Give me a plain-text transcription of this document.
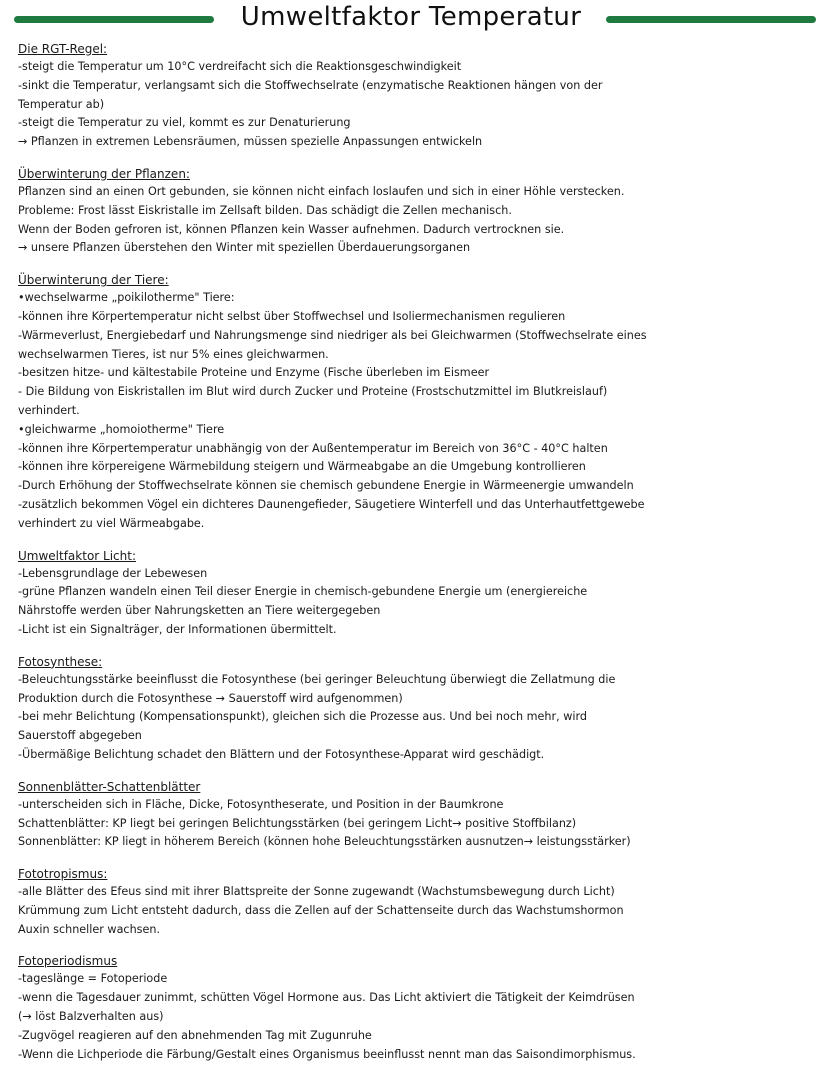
Umweltfaktor Temperatur
Die RGT-Regel:
-steigt die Temperatur um 10°C verdreifacht sich die Reaktionsgeschwindigkeit
-sinkt die Temperatur, verlangsamt sich die Stoffwechselrate (enzymatische Reaktionen hängen von der
Temperatur ab)
-steigt die Temperatur zu viel, kommt es zur Denaturierung
→ Pflanzen in extremen Lebensräumen, müssen spezielle Anpassungen entwickeln
Überwinterung der Pflanzen:
Pflanzen sind an einen Ort gebunden, sie können nicht einfach loslaufen und sich in einer Höhle verstecken.
Probleme: Frost lässt Eiskristalle im Zellsaft bilden. Das schädigt die Zellen mechanisch.
Wenn der Boden gefroren ist, können Pflanzen kein Wasser aufnehmen. Dadurch vertrocknen sie.
→ unsere Pflanzen überstehen den Winter mit speziellen Überdauerungsorganen
Überwinterung der Tiere:
•wechselwarme „poikilotherme" Tiere:
-können ihre Körpertemperatur nicht selbst über Stoffwechsel und Isoliermechanismen regulieren
-Wärmeverlust, Energiebedarf und Nahrungsmenge sind niedriger als bei Gleichwarmen (Stoffwechselrate eines
wechselwarmen Tieres, ist nur 5% eines gleichwarmen.
-besitzen hitze- und kältestabile Proteine und Enzyme (Fische überleben im Eismeer
- Die Bildung von Eiskristallen im Blut wird durch Zucker und Proteine (Frostschutzmittel im Blutkreislauf)
verhindert.
•gleichwarme „homoiotherme" Tiere
-können ihre Körpertemperatur unabhängig von der Außentemperatur im Bereich von 36°C - 40°C halten
-können ihre körpereigene Wärmebildung steigern und Wärmeabgabe an die Umgebung kontrollieren
-Durch Erhöhung der Stoffwechselrate können sie chemisch gebundene Energie in Wärmeenergie umwandeln
-zusätzlich bekommen Vögel ein dichteres Daunengefieder, Säugetiere Winterfell und das Unterhautfettgewebe
verhindert zu viel Wärmeabgabe.
Umweltfaktor Licht:
-Lebensgrundlage der Lebewesen
-grüne Pflanzen wandeln einen Teil dieser Energie in chemisch-gebundene Energie um (energiereiche
Nährstoffe werden über Nahrungsketten an Tiere weitergegeben
-Licht ist ein Signalträger, der Informationen übermittelt.
Fotosynthese:
-Beleuchtungsstärke beeinflusst die Fotosynthese (bei geringer Beleuchtung überwiegt die Zellatmung die
Produktion durch die Fotosynthese → Sauerstoff wird aufgenommen)
-bei mehr Belichtung (Kompensationspunkt), gleichen sich die Prozesse aus. Und bei noch mehr, wird
Sauerstoff abgegeben
-Übermäßige Belichtung schadet den Blättern und der Fotosynthese-Apparat wird geschädigt.
Sonnenblätter-Schattenblätter
-unterscheiden sich in Fläche, Dicke, Fotosyntheserate, und Position in der Baumkrone
Schattenblätter: KP liegt bei geringen Belichtungsstärken (bei geringem Licht→ positive Stoffbilanz)
Sonnenblätter: KP liegt in höherem Bereich (können hohe Beleuchtungsstärken ausnutzen→ leistungsstärker)
Fototropismus:
-alle Blätter des Efeus sind mit ihrer Blattspreite der Sonne zugewandt (Wachstumsbewegung durch Licht)
Krümmung zum Licht entsteht dadurch, dass die Zellen auf der Schattenseite durch das Wachstumshormon
Auxin schneller wachsen.
Fotoperiodismus
-tageslänge = Fotoperiode
-wenn die Tagesdauer zunimmt, schütten Vögel Hormone aus. Das Licht aktiviert die Tätigkeit der Keimdrüsen
(→ löst Balzverhalten aus)
-Zugvögel reagieren auf den abnehmenden Tag mit Zugunruhe
-Wenn die Lichperiode die Färbung/Gestalt eines Organismus beeinflusst nennt man das Saisondimorphismus.
